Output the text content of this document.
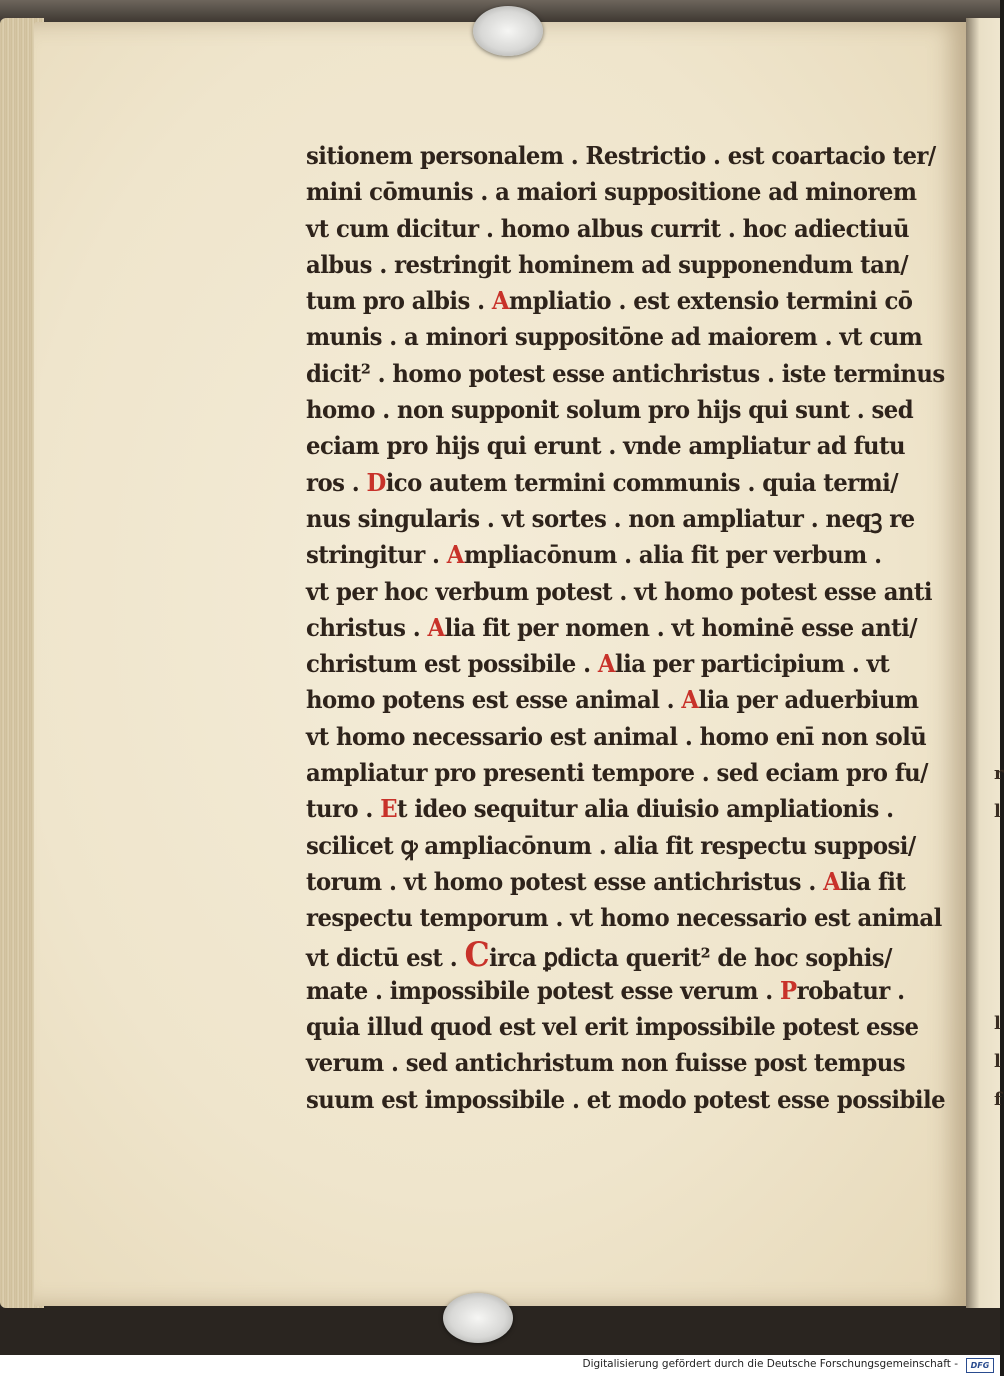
r
l
l
l
f
sitionem personalem . Restrictio . est coartacio ter/
mini cōmunis . a maiori suppositione ad minorem
vt cum dicitur . homo albus currit . hoc adiectiuū
albus . restringit hominem ad supponendum tan/
tum pro albis . Ampliatio . est extensio termini cō
munis . a minori suppositōne ad maiorem . vt cum
dicit² . homo potest esse antichristus . iste terminus
homo . non supponit solum pro hijs qui sunt . sed
eciam pro hijs qui erunt . vnde ampliatur ad futu
ros . Dico autem termini communis . quia termi/
nus singularis . vt sortes . non ampliatur . neqꝫ re
stringitur . Ampliacōnum . alia fit per verbum .
vt per hoc verbum potest . vt homo potest esse anti
christus . Alia fit per nomen . vt hominē esse anti/
christum est possibile . Alia per participium . vt
homo potens est esse animal . Alia per aduerbium
vt homo necessario est animal . homo enī non solū
ampliatur pro presenti tempore . sed eciam pro fu/
turo . Et ideo sequitur alia diuisio ampliationis .
scilicet ꝙ ampliacōnum . alia fit respectu supposi/
torum . vt homo potest esse antichristus . Alia fit
respectu temporum . vt homo necessario est animal
vt dictū est . Circa ꝑdicta querit² de hoc sophis/
mate . impossibile potest esse verum . Probatur .
quia illud quod est vel erit impossibile potest esse
verum . sed antichristum non fuisse post tempus
suum est impossibile . et modo potest esse possibile
Digitalisierung gefördert durch die Deutsche Forschungsgemeinschaft -	DFG
